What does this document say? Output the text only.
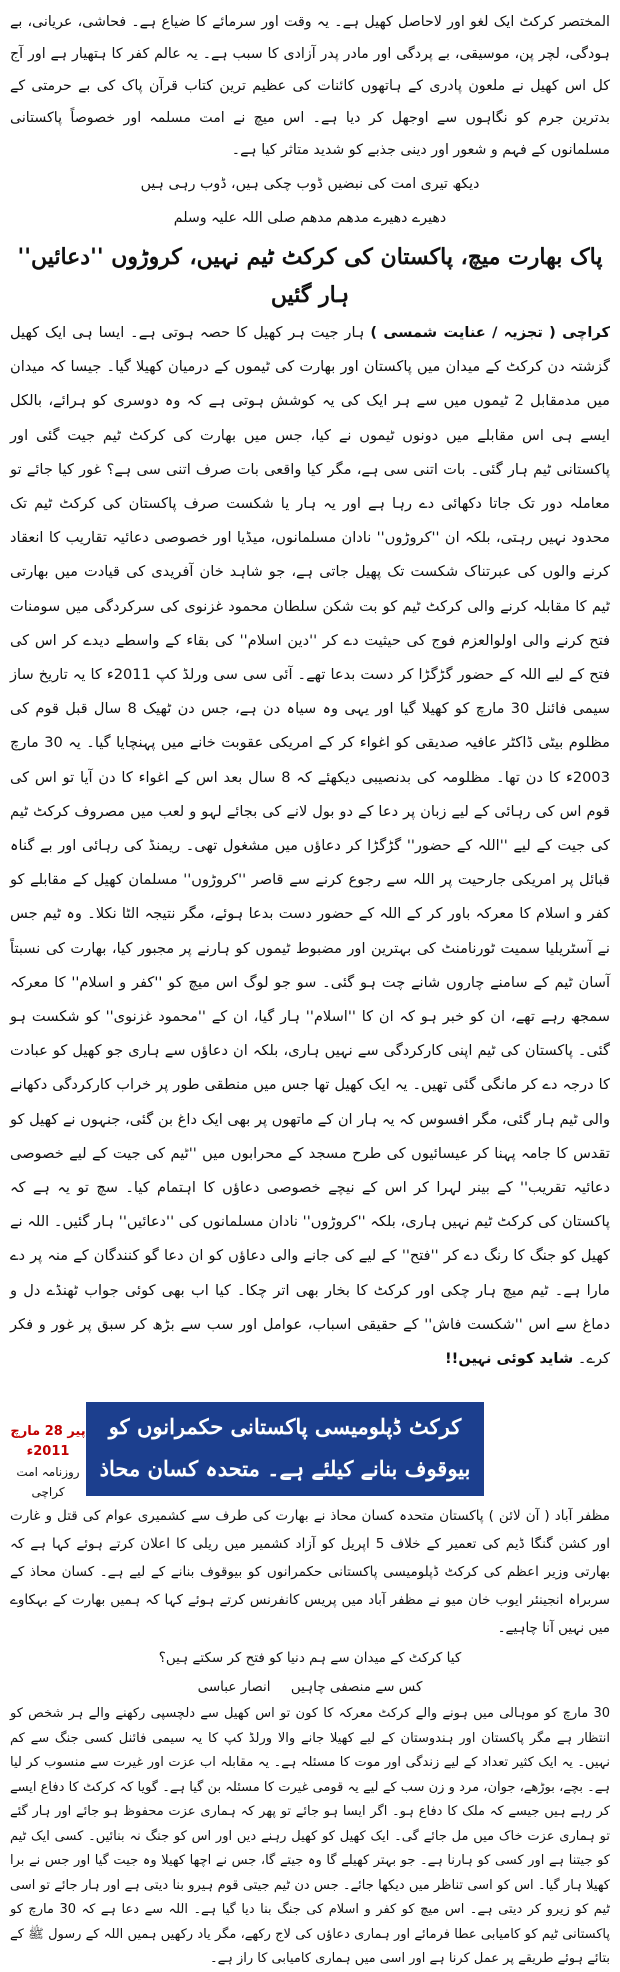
المختصر کرکٹ ایک لغو اور لاحاصل کھیل ہے۔ یہ وقت اور سرمائے کا ضیاع ہے۔ فحاشی، عریانی، بے ہودگی، لچر پن، موسیقی، بے پردگی اور مادر پدر آزادی کا سبب ہے۔ یہ عالم کفر کا ہتھیار ہے اور آج کل اس کھیل نے ملعون پادری کے ہاتھوں کائنات کی عظیم ترین کتاب قرآن پاک کی بے حرمتی کے بدترین جرم کو نگاہوں سے اوجھل کر دیا ہے۔ اس میچ نے امت مسلمہ اور خصوصاً پاکستانی مسلمانوں کے فہم و شعور اور دینی جذبے کو شدید متاثر کیا ہے۔

دیکھ تیری امت کی نبضیں ڈوب چکی ہیں، ڈوب رہی ہیں

دھیرے دھیرے مدھم مدھم صلی اللہ علیہ وسلم

پاک بھارت میچ، پاکستان کی کرکٹ ٹیم نہیں، کروڑوں ''دعائیں'' ہار گئیں

کراچی ( تجزیہ / عنایت شمسی ) ہار جیت ہر کھیل کا حصہ ہوتی ہے۔ ایسا ہی ایک کھیل گزشتہ دن کرکٹ کے میدان میں پاکستان اور بھارت کی ٹیموں کے درمیان کھیلا گیا۔ جیسا کہ میدان میں مدمقابل 2 ٹیموں میں سے ہر ایک کی یہ کوشش ہوتی ہے کہ وہ دوسری کو ہرائے، بالکل ایسے ہی اس مقابلے میں دونوں ٹیموں نے کیا، جس میں بھارت کی کرکٹ ٹیم جیت گئی اور پاکستانی ٹیم ہار گئی۔ بات اتنی سی ہے، مگر کیا واقعی بات صرف اتنی سی ہے؟ غور کیا جائے تو معاملہ دور تک جاتا دکھائی دے رہا ہے اور یہ ہار یا شکست صرف پاکستان کی کرکٹ ٹیم تک محدود نہیں رہتی، بلکہ ان ''کروڑوں'' نادان مسلمانوں، میڈیا اور خصوصی دعائیہ تقاریب کا انعقاد کرنے والوں کی عبرتناک شکست تک پھیل جاتی ہے، جو شاہد خان آفریدی کی قیادت میں بھارتی ٹیم کا مقابلہ کرنے والی کرکٹ ٹیم کو بت شکن سلطان محمود غزنوی کی سرکردگی میں سومنات فتح کرنے والی اولوالعزم فوج کی حیثیت دے کر ''دین اسلام'' کی بقاء کے واسطے دیدے کر اس کی فتح کے لیے اللہ کے حضور گڑگڑا کر دست بدعا تھے۔ آئی سی سی ورلڈ کپ 2011ء کا یہ تاریخ ساز سیمی فائنل 30 مارچ کو کھیلا گیا اور یہی وہ سیاہ دن ہے، جس دن ٹھیک 8 سال قبل قوم کی مظلوم بیٹی ڈاکٹر عافیہ صدیقی کو اغواء کر کے امریکی عقوبت خانے میں پہنچایا گیا۔ یہ 30 مارچ 2003ء کا دن تھا۔ مظلومہ کی بدنصیبی دیکھئے کہ 8 سال بعد اس کے اغواء کا دن آیا تو اس کی قوم اس کی رہائی کے لیے زبان پر دعا کے دو بول لانے کی بجائے لہو و لعب میں مصروف کرکٹ ٹیم کی جیت کے لیے ''اللہ کے حضور'' گڑگڑا کر دعاؤں میں مشغول تھی۔ ریمنڈ کی رہائی اور بے گناہ قبائل پر امریکی جارحیت پر اللہ سے رجوع کرنے سے قاصر ''کروڑوں'' مسلمان کھیل کے مقابلے کو کفر و اسلام کا معرکہ باور کر کے اللہ کے حضور دست بدعا ہوئے، مگر نتیجہ الٹا نکلا۔ وہ ٹیم جس نے آسٹریلیا سمیت ٹورنامنٹ کی بہترین اور مضبوط ٹیموں کو ہارنے پر مجبور کیا، بھارت کی نسبتاً آسان ٹیم کے سامنے چاروں شانے چت ہو گئی۔ سو جو لوگ اس میچ کو ''کفر و اسلام'' کا معرکہ سمجھ رہے تھے، ان کو خبر ہو کہ ان کا ''اسلام'' ہار گیا، ان کے ''محمود غزنوی'' کو شکست ہو گئی۔ پاکستان کی ٹیم اپنی کارکردگی سے نہیں ہاری، بلکہ ان دعاؤں سے ہاری جو کھیل کو عبادت کا درجہ دے کر مانگی گئی تھیں۔ یہ ایک کھیل تھا جس میں منطقی طور پر خراب کارکردگی دکھانے والی ٹیم ہار گئی، مگر افسوس کہ یہ ہار ان کے ماتھوں پر بھی ایک داغ بن گئی، جنہوں نے کھیل کو تقدس کا جامہ پہنا کر عیسائیوں کی طرح مسجد کے محرابوں میں ''ٹیم کی جیت کے لیے خصوصی دعائیہ تقریب'' کے بینر لہرا کر اس کے نیچے خصوصی دعاؤں کا اہتمام کیا۔ سچ تو یہ ہے کہ پاکستان کی کرکٹ ٹیم نہیں ہاری، بلکہ ''کروڑوں'' نادان مسلمانوں کی ''دعائیں'' ہار گئیں۔ اللہ نے کھیل کو جنگ کا رنگ دے کر ''فتح'' کے لیے کی جانے والی دعاؤں کو ان دعا گو کنندگان کے منہ پر دے مارا ہے۔ ٹیم میچ ہار چکی اور کرکٹ کا بخار بھی اتر چکا۔ کیا اب بھی کوئی جواب ٹھنڈے دل و دماغ سے اس ''شکست فاش'' کے حقیقی اسباب، عوامل اور سب سے بڑھ کر سبق پر غور و فکر کرے۔ شاید کوئی نہیں!!

کرکٹ ڈپلومیسی پاکستانی حکمرانوں کو بیوقوف بنانے کیلئے ہے۔ متحدہ کسان محاذ
پیر 28 مارچ 2011ء
روزنامہ امت کراچی

مظفر آباد ( آن لائن ) پاکستان متحدہ کسان محاذ نے بھارت کی طرف سے کشمیری عوام کی قتل و غارت اور کشن گنگا ڈیم کی تعمیر کے خلاف 5 اپریل کو آزاد کشمیر میں ریلی کا اعلان کرتے ہوئے کہا ہے کہ بھارتی وزیر اعظم کی کرکٹ ڈپلومیسی پاکستانی حکمرانوں کو بیوقوف بنانے کے لیے ہے۔ کسان محاذ کے سربراہ انجینئر ایوب خان میو نے مظفر آباد میں پریس کانفرنس کرتے ہوئے کہا کہ ہمیں بھارت کے بہکاوے میں نہیں آنا چاہیے۔

کیا کرکٹ کے میدان سے ہم دنیا کو فتح کر سکتے ہیں؟

کس سے منصفی چاہیں انصار عباسی

30 مارچ کو موہالی میں ہونے والے کرکٹ معرکہ کا کون تو اس کھیل سے دلچسپی رکھنے والے ہر شخص کو انتظار ہے مگر پاکستان اور ہندوستان کے لیے کھیلا جانے والا ورلڈ کپ کا یہ سیمی فائنل کسی جنگ سے کم نہیں۔ یہ ایک کثیر تعداد کے لیے زندگی اور موت کا مسئلہ ہے۔ یہ مقابلہ اب عزت اور غیرت سے منسوب کر لیا ہے۔ بچے، بوڑھے، جوان، مرد و زن سب کے لیے یہ قومی غیرت کا مسئلہ بن گیا ہے۔ گویا کہ کرکٹ کا دفاع ایسے کر رہے ہیں جیسے کہ ملک کا دفاع ہو۔ اگر ایسا ہو جائے تو پھر کہ ہماری عزت محفوظ ہو جائے اور ہار گئے تو ہماری عزت خاک میں مل جائے گی۔ ایک کھیل کو کھیل رہنے دیں اور اس کو جنگ نہ بنائیں۔ کسی ایک ٹیم کو جیتنا ہے اور کسی کو ہارنا ہے۔ جو بہتر کھیلے گا وہ جیتے گا، جس نے اچھا کھیلا وہ جیت گیا اور جس نے برا کھیلا ہار گیا۔ اس کو اسی تناظر میں دیکھا جائے۔ جس دن ٹیم جیتی قوم ہیرو بنا دیتی ہے اور ہار جائے تو اسی ٹیم کو زیرو کر دیتی ہے۔ اس میچ کو کفر و اسلام کی جنگ بنا دیا گیا ہے۔ اللہ سے دعا ہے کہ 30 مارچ کو پاکستانی ٹیم کو کامیابی عطا فرمائے اور ہماری دعاؤں کی لاج رکھے، مگر یاد رکھیں ہمیں اللہ کے رسول ﷺ کے بتائے ہوئے طریقے پر عمل کرنا ہے اور اسی میں ہماری کامیابی کا راز ہے۔
